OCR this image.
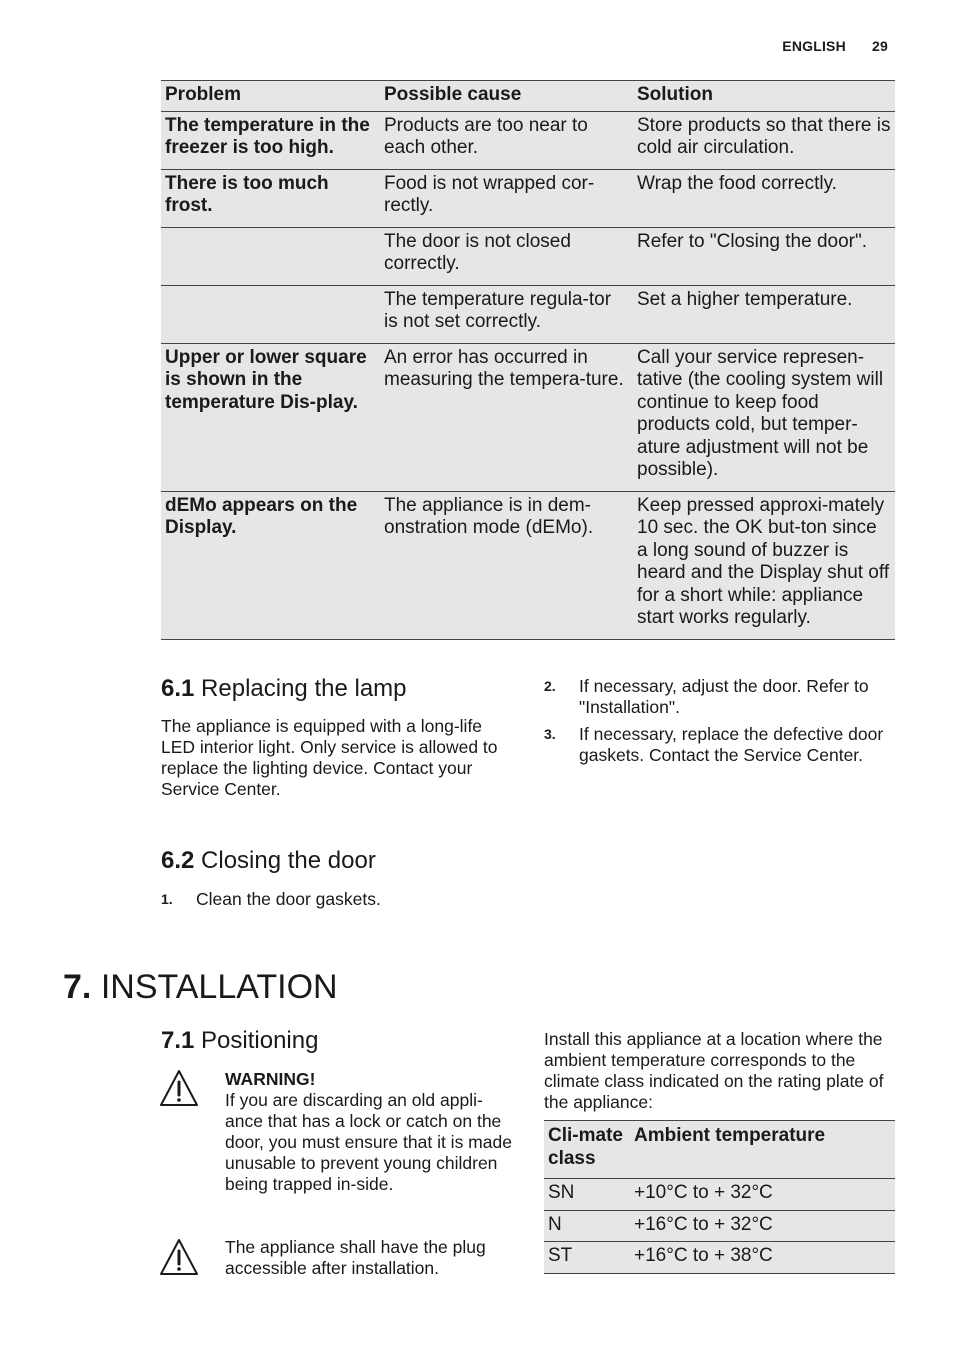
ENGLISH 29
Problem	Possible cause	Solution
The temperature in the freezer is too high.	Products are too near to each other.	Store products so that there is cold air circulation.
There is too much frost.	Food is not wrapped cor-rectly.	Wrap the food correctly.
	The door is not closed correctly.	Refer to "Closing the door".
	The temperature regula-tor is not set correctly.	Set a higher temperature.
Upper or lower square is shown in the temperature Dis-play.	An error has occurred in measuring the tempera-ture.	Call your service represen-tative (the cooling system will continue to keep food products cold, but temper-ature adjustment will not be possible).
dEMo appears on the Display.	The appliance is in dem-onstration mode (dEMo).	Keep pressed approxi-mately 10 sec. the OK but-ton since a long sound of buzzer is heard and the Display shut off for a short while: appliance start works regularly.
6.1 Replacing the lamp
The appliance is equipped with a long-life LED interior light. Only service is allowed to replace the lighting device. Contact your Service Center.
6.2 Closing the door
1. Clean the door gaskets.
2. If necessary, adjust the door. Refer to "Installation".
3. If necessary, replace the defective door gaskets. Contact the Service Center.
7. INSTALLATION
7.1 Positioning
WARNING!
If you are discarding an old appli-ance that has a lock or catch on the door, you must ensure that it is made unusable to prevent young children being trapped in-side.
The appliance shall have the plug accessible after installation.
Install this appliance at a location where the ambient temperature corresponds to the climate class indicated on the rating plate of the appliance:
Cli-mate class	Ambient temperature
SN	+10°C to + 32°C
N	+16°C to + 32°C
ST	+16°C to + 38°C
